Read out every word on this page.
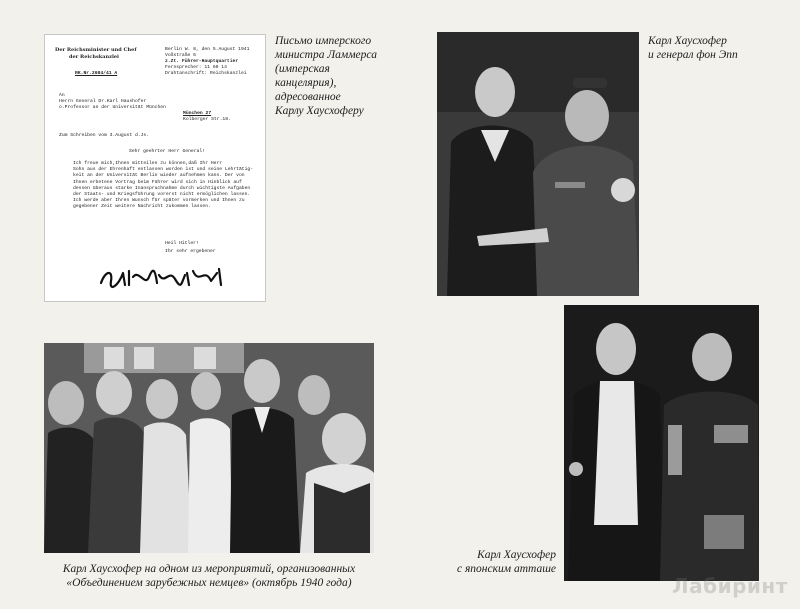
Der Reichsminister und Chef
der Reichskanzlei
Berlin W. 8, den 5.August 1941
Voßstraße 6
z.Zt. Führer-Hauptquartier
Fernsprecher: 11 60 14
Drahtanschrift: Reichskanzlei
RK.Nr.2684/41 A
An
Herrn General Dr.Karl Haushofer
o.Professor an der Universität München
München 27
Kolberger Str.18.
Zum Schreiben vom 3.August d.Js.
Sehr geehrter Herr General!
Ich freue mich,Ihnen mitteilen zu können,daß Ihr Herr
Sohn aus der Ehrenhaft entlassen worden ist und seine Lehrtätig-
keit an der Universität Berlin wieder aufnehmen kann. Der von
Ihnen erbetene Vortrag beim Führer wird sich in Hinblick auf
dessen überaus starke Inanspruchnahme durch wichtigste Aufgaben
der Staats- und Kriegsführung vorerst nicht ermöglichen lassen.
Ich werde aber Ihren Wunsch für später vormerken und Ihnen zu
gegebener Zeit weitere Nachricht zukommen lassen.
Heil Hitler!
Ihr sehr ergebener
Письмо имперского
министра Ламмерса
(имперская
канцелярия),
адресованное
Карлу Хаусхоферу
Карл Хаусхофер
и генерал фон Эпп
Карл Хаусхофер на одном из мероприятий, организованных
«Объединением зарубежных немцев» (октябрь 1940 года)
Карл Хаусхофер
с японским атташе
Лабиринт
